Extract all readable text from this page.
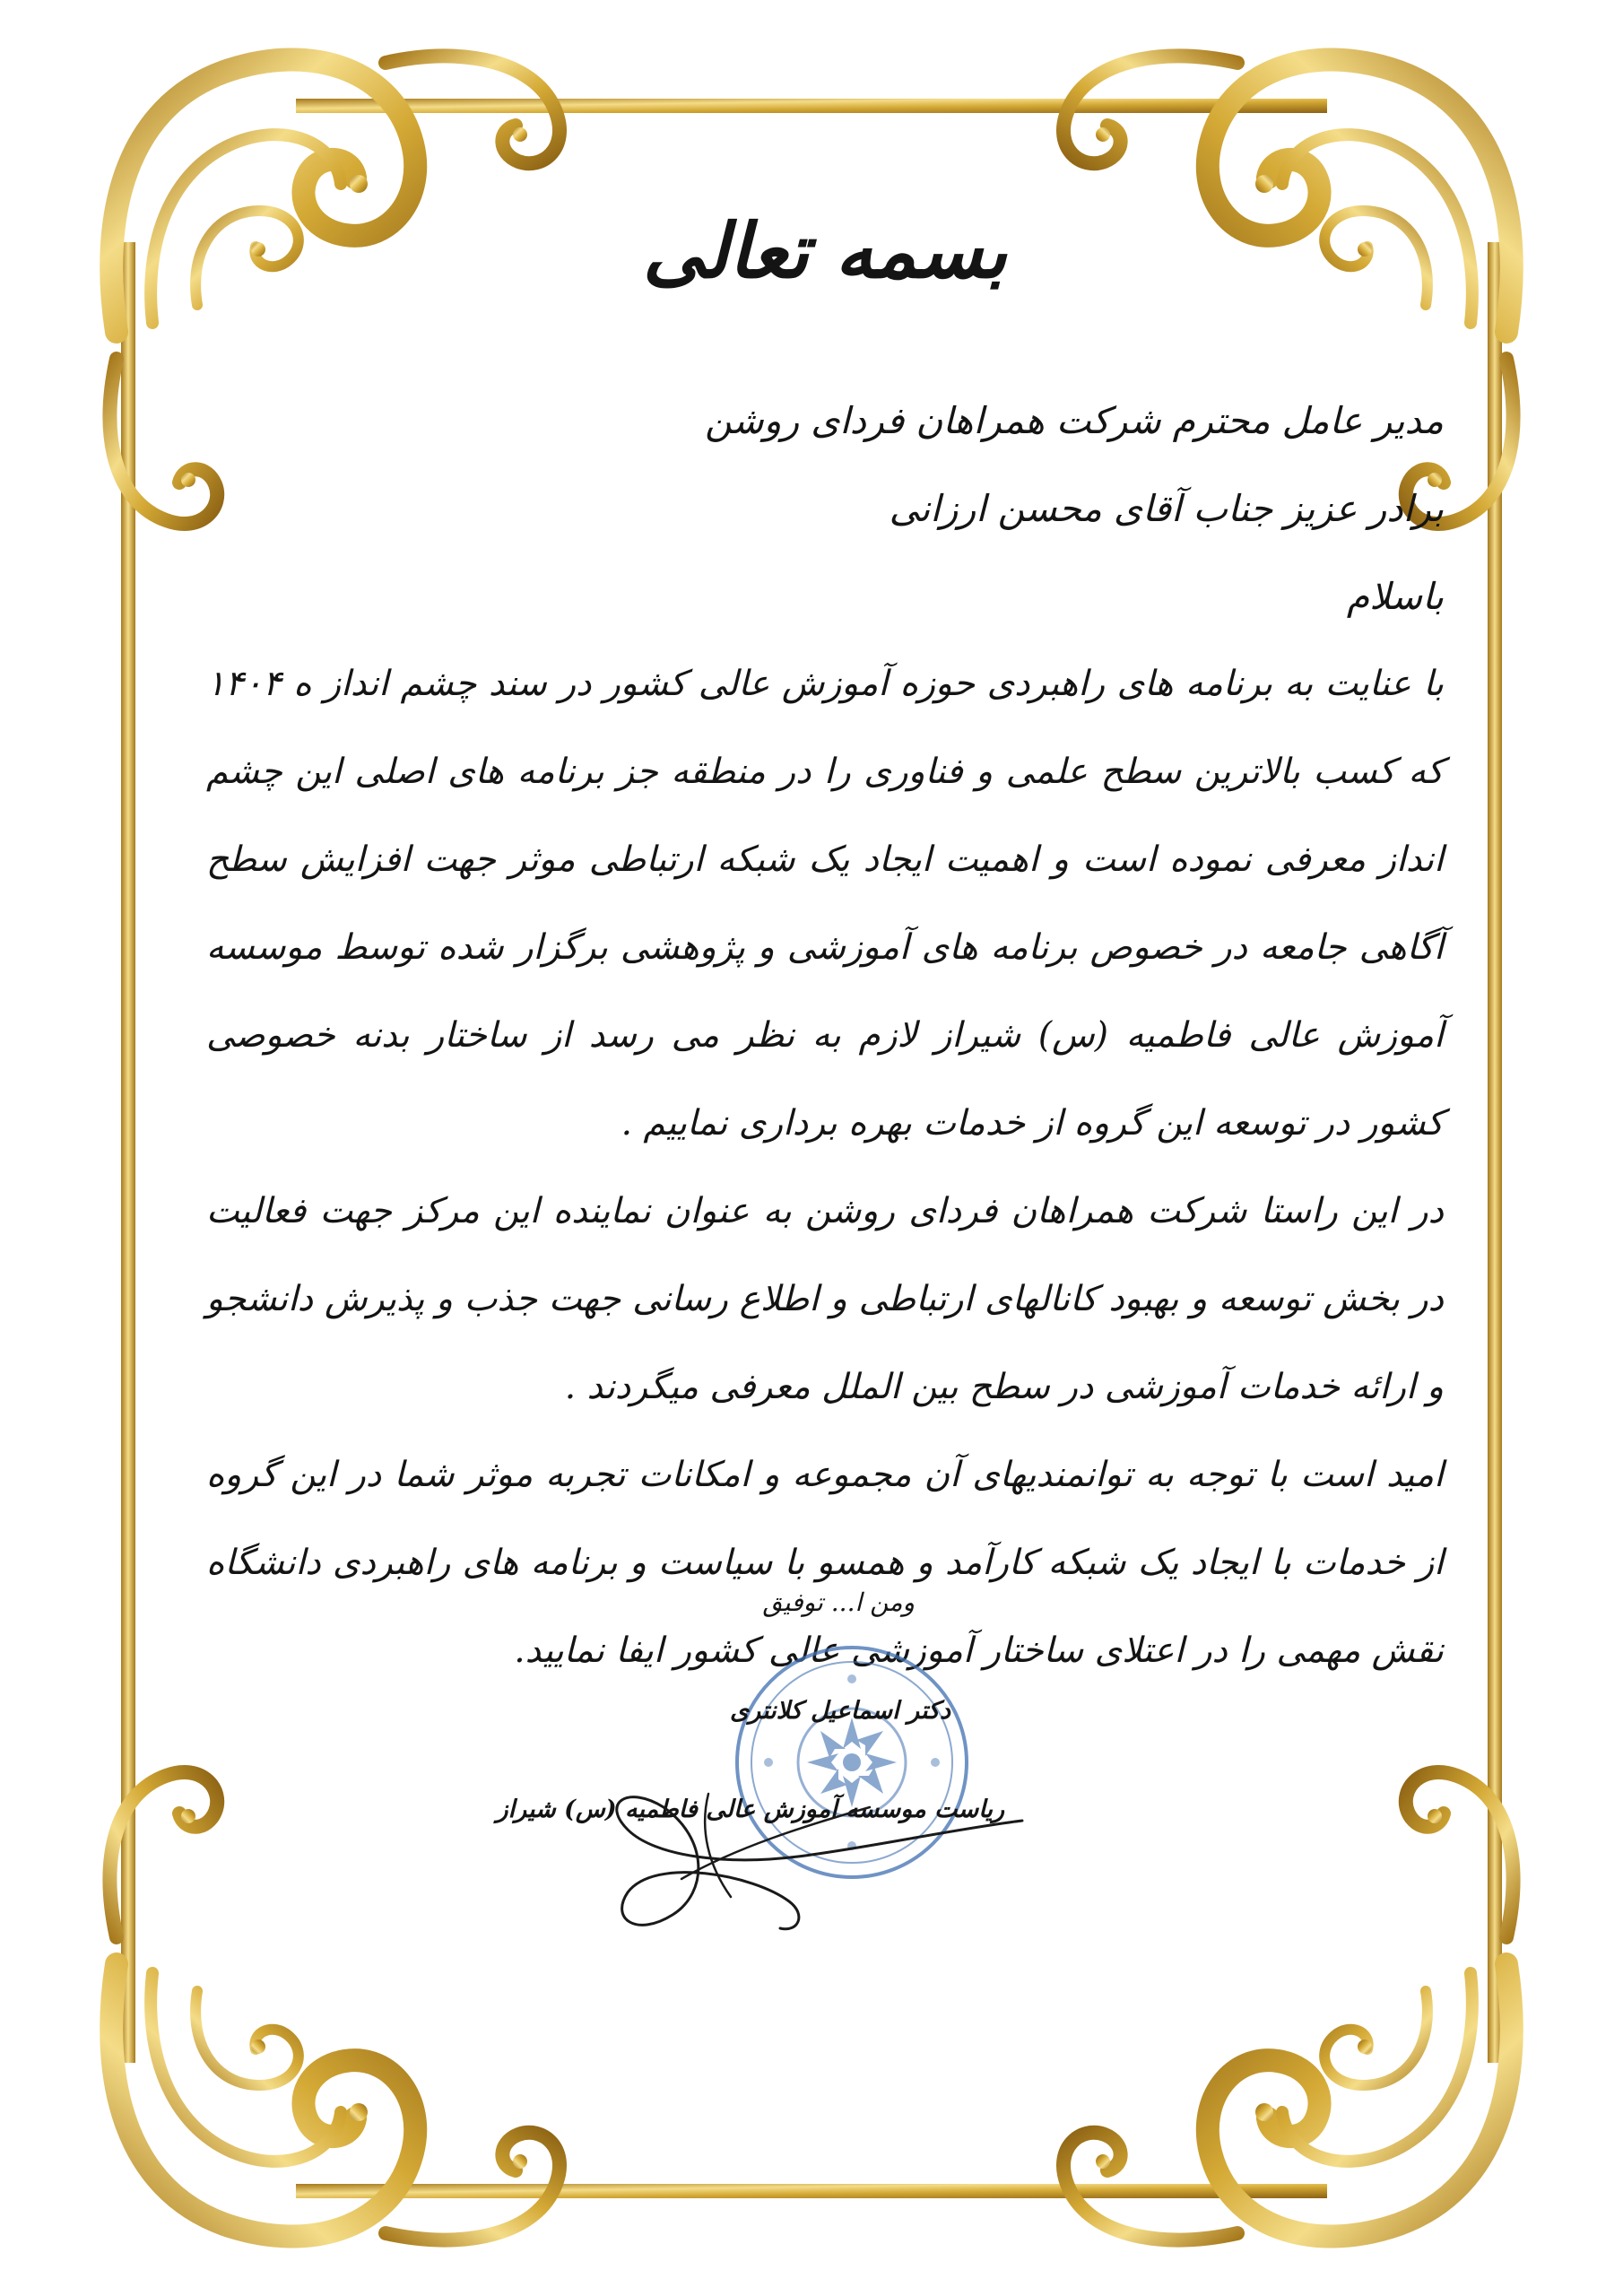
بسمه تعالی

مدیر عامل محترم شرکت همراهان فردای روشن

برادر عزیز جناب آقای محسن ارزانی

باسلام

با عنایت به برنامه های راهبردی حوزه آموزش عالی کشور در سند چشم انداز ه ۱۴۰۴ که کسب بالاترین سطح علمی و فناوری را در منطقه جز برنامه های اصلی این چشم انداز معرفی نموده است و اهمیت ایجاد یک شبکه ارتباطی موثر جهت افزایش سطح آگاهی جامعه در خصوص برنامه های آموزشی و پژوهشی برگزار شده توسط موسسه آموزش عالی فاطمیه (س) شیراز لازم به نظر می رسد از ساختار بدنه خصوصی کشور در توسعه این گروه از خدمات بهره برداری نماییم .

در این راستا شرکت همراهان فردای روشن به عنوان نماینده این مرکز جهت فعالیت در بخش توسعه و بهبود کانالهای ارتباطی و اطلاع رسانی جهت جذب و پذیرش دانشجو و ارائه خدمات آموزشی در سطح بین الملل معرفی میگردند .

امید است با توجه به توانمندیهای آن مجموعه و امکانات تجربه موثر شما در این گروه از خدمات با ایجاد یک شبکه کارآمد و همسو با سیاست و برنامه های راهبردی دانشگاه نقش مهمی را در اعتلای ساختار آموزشی عالی کشور ایفا نمایید.

ومن ا... توفیق

دکتر اسماعیل کلانتری

ریاست موسسه آموزش عالی فاطمیه (س) شیراز
